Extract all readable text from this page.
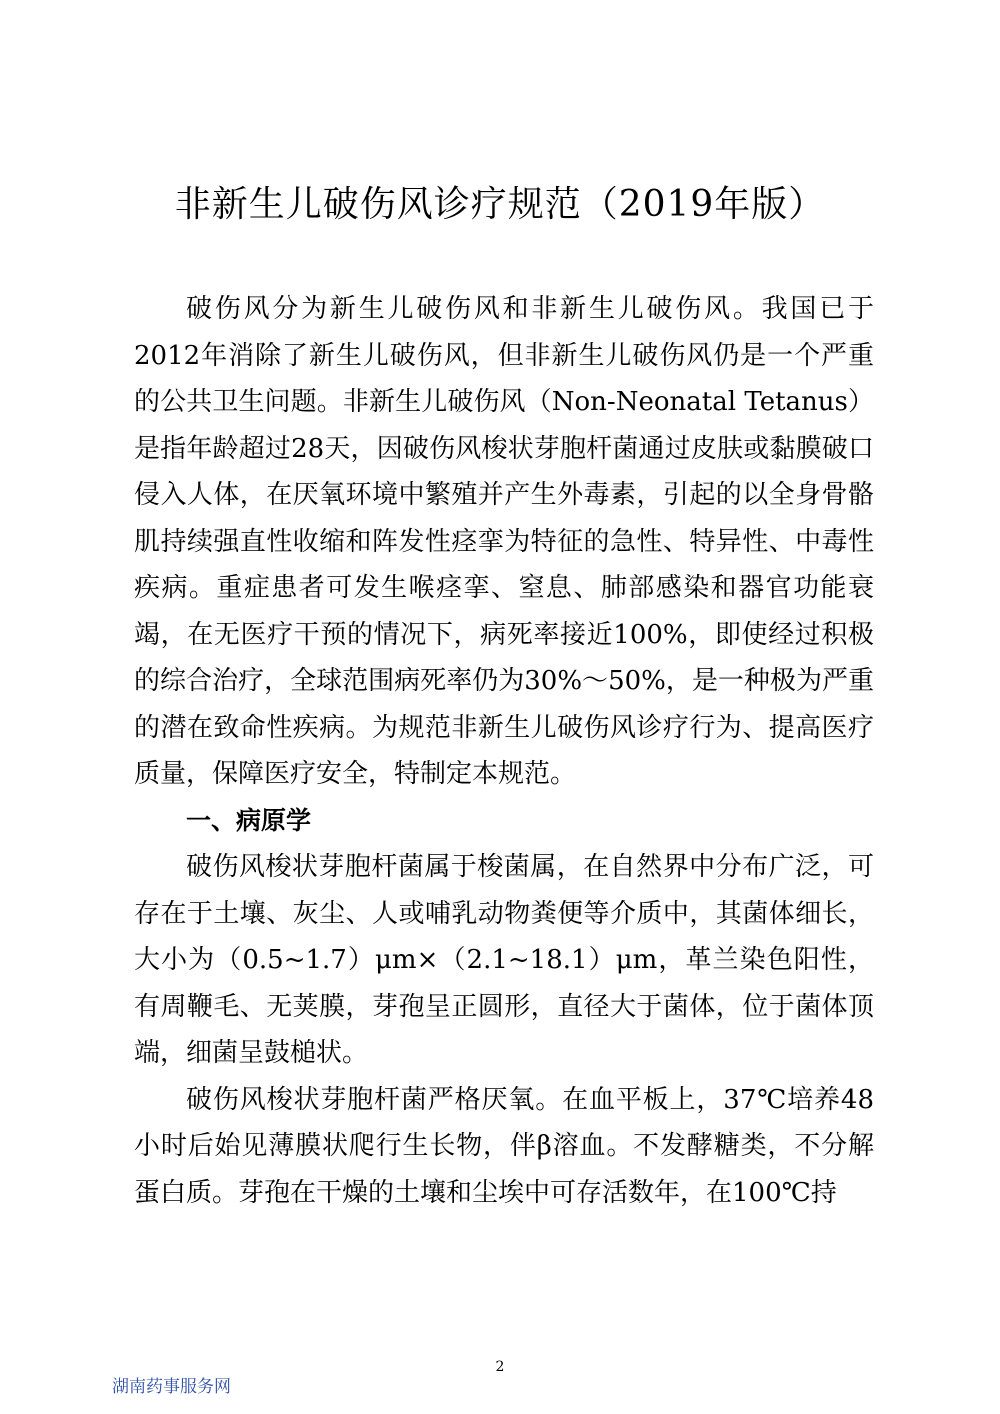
非新生儿破伤风诊疗规范（2019年版）

破伤风分为新生儿破伤风和非新生儿破伤风。我国已于2012年消除了新生儿破伤风，但非新生儿破伤风仍是一个严重的公共卫生问题。非新生儿破伤风（Non-Neonatal Tetanus）是指年龄超过28天，因破伤风梭状芽胞杆菌通过皮肤或黏膜破口侵入人体，在厌氧环境中繁殖并产生外毒素，引起的以全身骨骼肌持续强直性收缩和阵发性痉挛为特征的急性、特异性、中毒性疾病。重症患者可发生喉痉挛、窒息、肺部感染和器官功能衰竭，在无医疗干预的情况下，病死率接近100%，即使经过积极的综合治疗，全球范围病死率仍为30%～50%，是一种极为严重的潜在致命性疾病。为规范非新生儿破伤风诊疗行为、提高医疗质量，保障医疗安全，特制定本规范。

一、病原学

破伤风梭状芽胞杆菌属于梭菌属，在自然界中分布广泛，可存在于土壤、灰尘、人或哺乳动物粪便等介质中，其菌体细长，大小为（0.5~1.7）μm×（2.1~18.1）μm，革兰染色阳性，有周鞭毛、无荚膜，芽孢呈正圆形，直径大于菌体，位于菌体顶端，细菌呈鼓槌状。

破伤风梭状芽胞杆菌严格厌氧。在血平板上，37℃培养48小时后始见薄膜状爬行生长物，伴β溶血。不发酵糖类，不分解蛋白质。芽孢在干燥的土壤和尘埃中可存活数年，在100℃持

2
湖南药事服务网
